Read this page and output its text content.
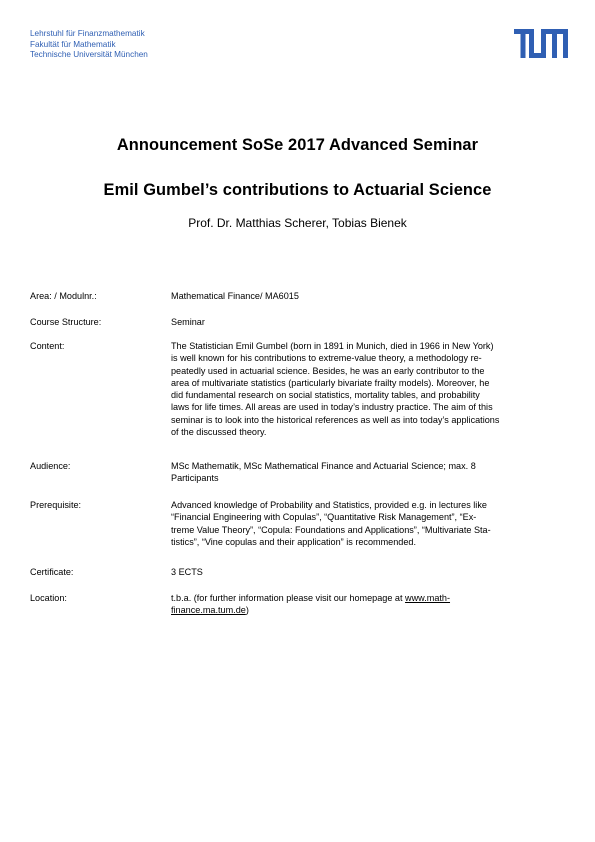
Lehrstuhl für Finanzmathematik
Fakultät für Mathematik
Technische Universität München
Announcement SoSe 2017 Advanced Seminar
Emil Gumbel’s contributions to Actuarial Science
Prof. Dr. Matthias Scherer, Tobias Bienek
Area: / Modulnr.:	Mathematical Finance/ MA6015
Course Structure:	Seminar
Content:	The Statistician Emil Gumbel (born in 1891 in Munich, died in 1966 in New York)
is well known for his contributions to extreme-value theory, a methodology re-
peatedly used in actuarial science. Besides, he was an early contributor to the
area of multivariate statistics (particularly bivariate frailty models). Moreover, he
did fundamental research on social statistics, mortality tables, and probability
laws for life times. All areas are used in today’s industry practice. The aim of this
seminar is to look into the historical references as well as into today’s applications
of the discussed theory.
Audience:	MSc Mathematik, MSc Mathematical Finance and Actuarial Science; max. 8
Participants
Prerequisite:	Advanced knowledge of Probability and Statistics, provided e.g. in lectures like
“Financial Engineering with Copulas”, “Quantitative Risk Management”, “Ex-
treme Value Theory”, “Copula: Foundations and Applications”, “Multivariate Sta-
tistics”, “Vine copulas and their application” is recommended.
Certificate:	3 ECTS
Location:	t.b.a. (for further information please visit our homepage at www.math-
finance.ma.tum.de)
